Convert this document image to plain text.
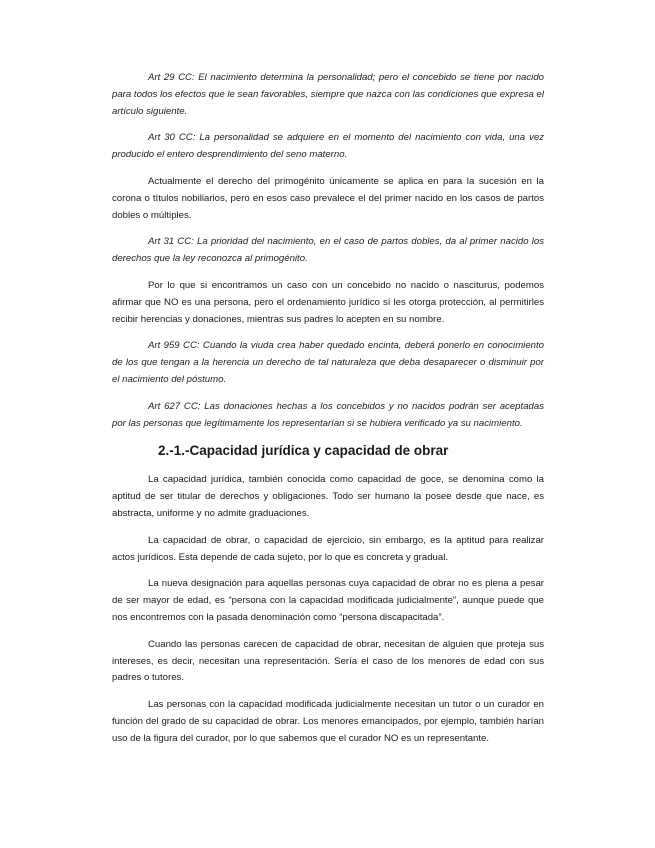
Art 29 CC: El nacimiento determina la personalidad; pero el concebido se tiene por nacido para todos los efectos que le sean favorables, siempre que nazca con las condiciones que expresa el artículo siguiente.

Art 30 CC: La personalidad se adquiere en el momento del nacimiento con vida, una vez producido el entero desprendimiento del seno materno.

Actualmente el derecho del primogénito únicamente se aplica en para la sucesión en la corona o títulos nobiliarios, pero en esos caso prevalece el del primer nacido en los casos de partos dobles o múltiples.

Art 31 CC: La prioridad del nacimiento, en el caso de partos dobles, da al primer nacido los derechos que la ley reconozca al primogénito.

Por lo que si encontramos un caso con un concebido no nacido o nasciturus, podemos afirmar que NO es una persona, pero el ordenamiento jurídico sí les otorga protección, al permitirles recibir herencias y donaciones, mientras sus padres lo acepten en su nombre.

Art 959 CC: Cuando la viuda crea haber quedado encinta, deberá ponerlo en conocimiento de los que tengan a la herencia un derecho de tal naturaleza que deba desaparecer o disminuir por el nacimiento del póstumo.

Art 627 CC: Las donaciones hechas a los concebidos y no nacidos podrán ser aceptadas por las personas que legítimamente los representarían si se hubiera verificado ya su nacimiento.

2.-1.-Capacidad jurídica y capacidad de obrar

La capacidad jurídica, también conocida como capacidad de goce, se denomina como la aptitud de ser titular de derechos y obligaciones. Todo ser humano la posee desde que nace, es abstracta, uniforme y no admite graduaciones.

La capacidad de obrar, o capacidad de ejercicio, sin embargo, es la aptitud para realizar actos jurídicos. Esta depende de cada sujeto, por lo que es concreta y gradual.

La nueva designación para aquellas personas cuya capacidad de obrar no es plena a pesar de ser mayor de edad, es “persona con la capacidad modificada judicialmente”, aunque puede que nos encontremos con la pasada denominación como “persona discapacitada”.

Cuando las personas carecen de capacidad de obrar, necesitan de alguien que proteja sus intereses, es decir, necesitan una representación. Sería el caso de los menores de edad con sus padres o tutores.

Las personas con la capacidad modificada judicialmente necesitan un tutor o un curador en función del grado de su capacidad de obrar. Los menores emancipados, por ejemplo, también harían uso de la figura del curador, por lo que sabemos que el curador NO es un representante.
